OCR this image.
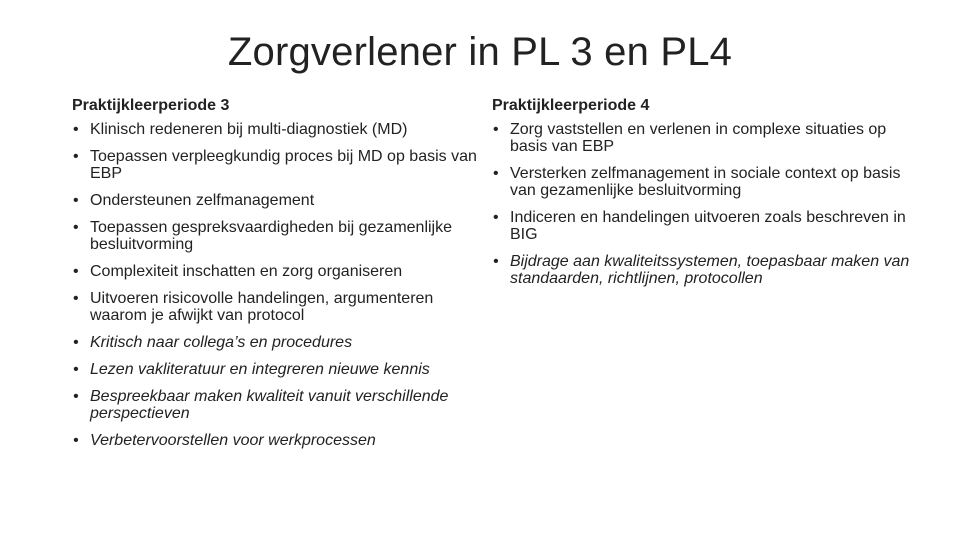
Zorgverlener in PL 3 en PL4
Praktijkleerperiode 3
• Klinisch redeneren bij multi-diagnostiek (MD)
• Toepassen verpleegkundig proces bij MD op basis van EBP
• Ondersteunen zelfmanagement
• Toepassen gespreksvaardigheden bij gezamenlijke besluitvorming
• Complexiteit inschatten en zorg organiseren
• Uitvoeren risicovolle handelingen, argumenteren waarom je afwijkt van protocol
• Kritisch naar collega’s en procedures
• Lezen vakliteratuur en integreren nieuwe kennis
• Bespreekbaar maken kwaliteit vanuit verschillende perspectieven
• Verbetervoorstellen voor werkprocessen
Praktijkleerperiode 4
• Zorg vaststellen en verlenen in complexe situaties op basis van EBP
• Versterken zelfmanagement in sociale context op basis van gezamenlijke besluitvorming
• Indiceren en handelingen uitvoeren zoals beschreven in BIG
• Bijdrage aan kwaliteitssystemen, toepasbaar maken van standaarden, richtlijnen, protocollen
